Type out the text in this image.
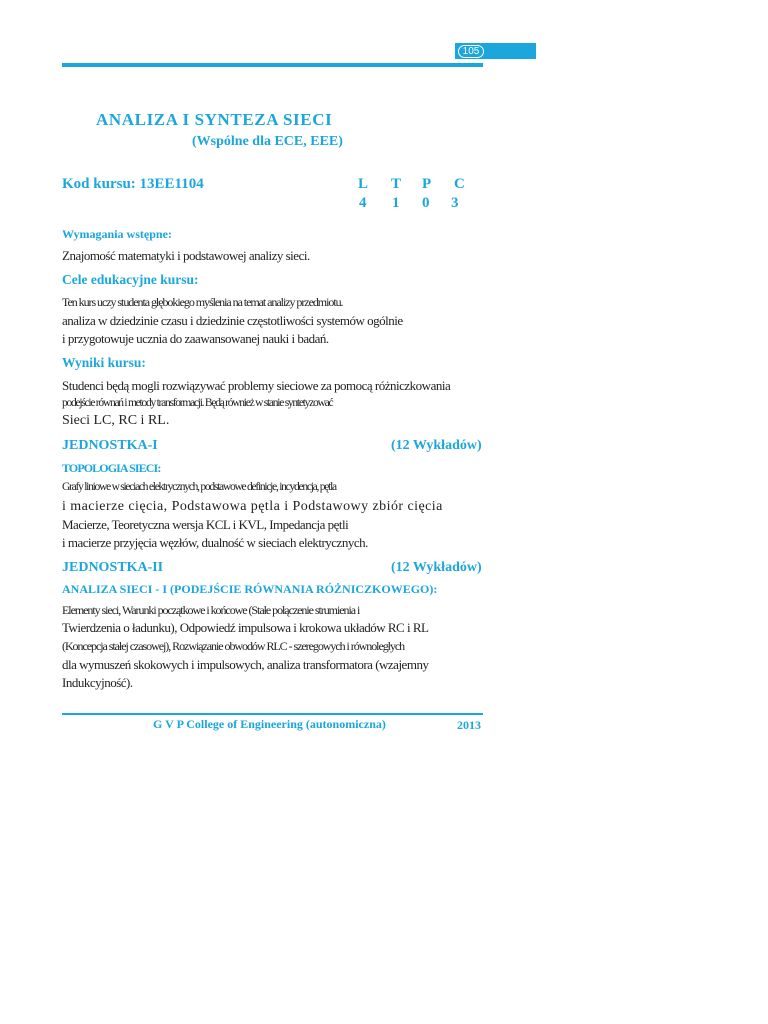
105
ANALIZA I SYNTEZA SIECI
(Wspólne dla ECE, EEE)
Kod kursu: 13EE1104	L T P C
4 1 0 3
Wymagania wstępne:
Znajomość matematyki i podstawowej analizy sieci.
Cele edukacyjne kursu:
Ten kurs uczy studenta głębokiego myślenia na temat analizy przedmiotu.
analiza w dziedzinie czasu i dziedzinie częstotliwości systemów ogólnie
i przygotowuje ucznia do zaawansowanej nauki i badań.
Wyniki kursu:
Studenci będą mogli rozwiązywać problemy sieciowe za pomocą różniczkowania
podejście równań i metody transformacji. Będą również w stanie syntetyzować
Sieci LC, RC i RL.
JEDNOSTKA-I	(12 Wykładów)
TOPOLOGIA SIECI:
Grafy liniowe w sieciach elektrycznych, podstawowe definicje, incydencja, pętla
i macierze cięcia, Podstawowa pętla i Podstawowy zbiór cięcia
Macierze, Teoretyczna wersja KCL i KVL, Impedancja pętli
i macierze przyjęcia węzłów, dualność w sieciach elektrycznych.
JEDNOSTKA-II	(12 Wykładów)
ANALIZA SIECI - I (PODEJŚCIE RÓWNANIA RÓŻNICZKOWEGO):
Elementy sieci, Warunki początkowe i końcowe (Stałe połączenie strumienia i
Twierdzenia o ładunku), Odpowiedź impulsowa i krokowa układów RC i RL
(Koncepcja stałej czasowej), Rozwiązanie obwodów RLC - szeregowych i równoległych
dla wymuszeń skokowych i impulsowych, analiza transformatora (wzajemny
Indukcyjność).
G V P College of Engineering (autonomiczna)	2013
